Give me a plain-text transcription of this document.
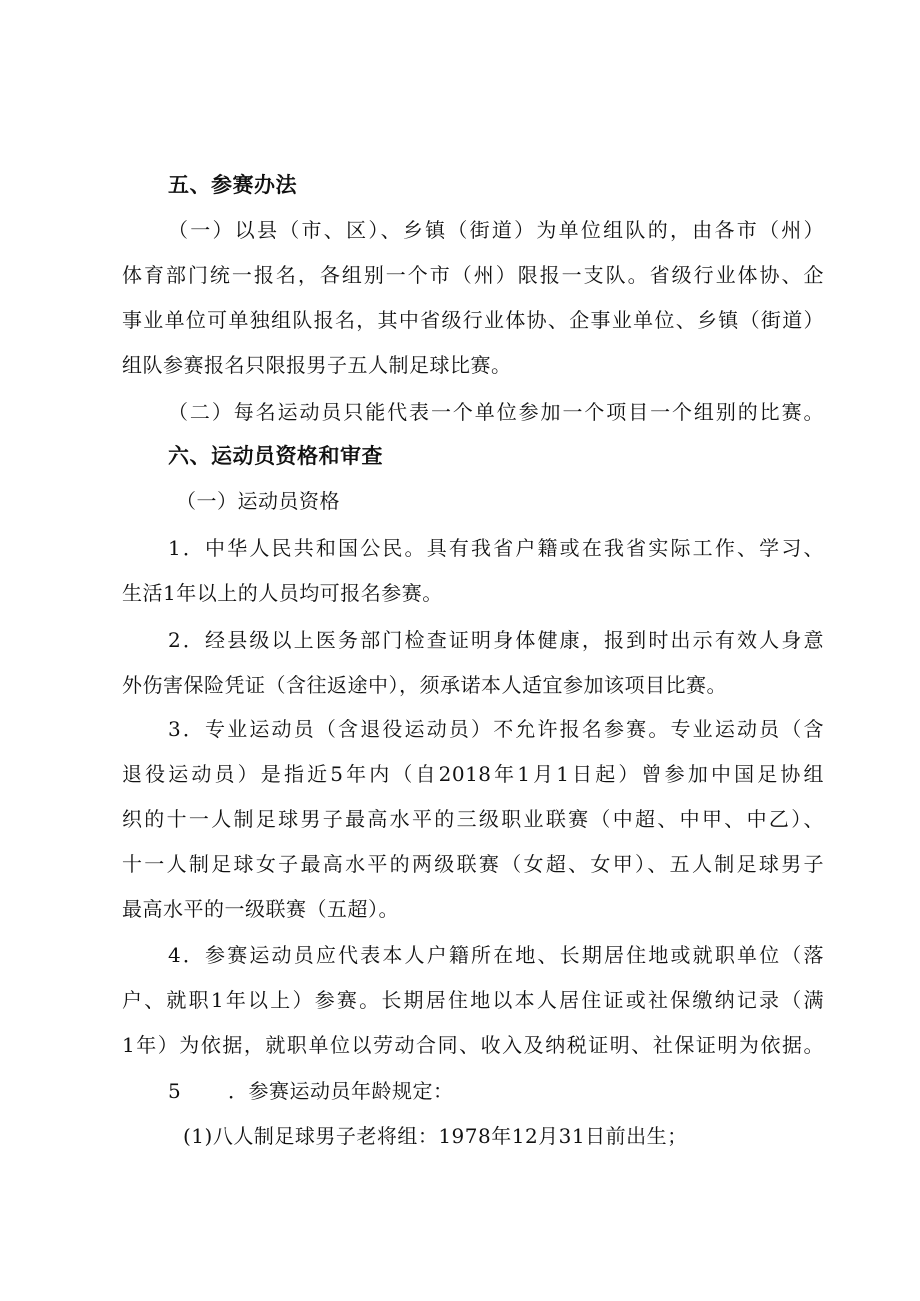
五、参赛办法
（一）以县（市、区）、乡镇（街道）为单位组队的，由各市（州）
体育部门统一报名，各组别一个市（州）限报一支队。省级行业体协、企
事业单位可单独组队报名，其中省级行业体协、企事业单位、乡镇（街道）
组队参赛报名只限报男子五人制足球比赛。
（二）每名运动员只能代表一个单位参加一个项目一个组别的比赛。
六、运动员资格和审查
（一）运动员资格
1．中华人民共和国公民。具有我省户籍或在我省实际工作、学习、
生活1年以上的人员均可报名参赛。
2．经县级以上医务部门检查证明身体健康，报到时出示有效人身意
外伤害保险凭证（含往返途中），须承诺本人适宜参加该项目比赛。
3．专业运动员（含退役运动员）不允许报名参赛。专业运动员（含
退役运动员）是指近5年内（自2018年1月1日起）曾参加中国足协组
织的十一人制足球男子最高水平的三级职业联赛（中超、中甲、中乙）、
十一人制足球女子最高水平的两级联赛（女超、女甲）、五人制足球男子
最高水平的一级联赛（五超）。
4．参赛运动员应代表本人户籍所在地、长期居住地或就职单位（落
户、就职1年以上）参赛。长期居住地以本人居住证或社保缴纳记录（满
1年）为依据，就职单位以劳动合同、收入及纳税证明、社保证明为依据。
5 ．参赛运动员年龄规定：
(1)八人制足球男子老将组：1978年12月31日前出生；
